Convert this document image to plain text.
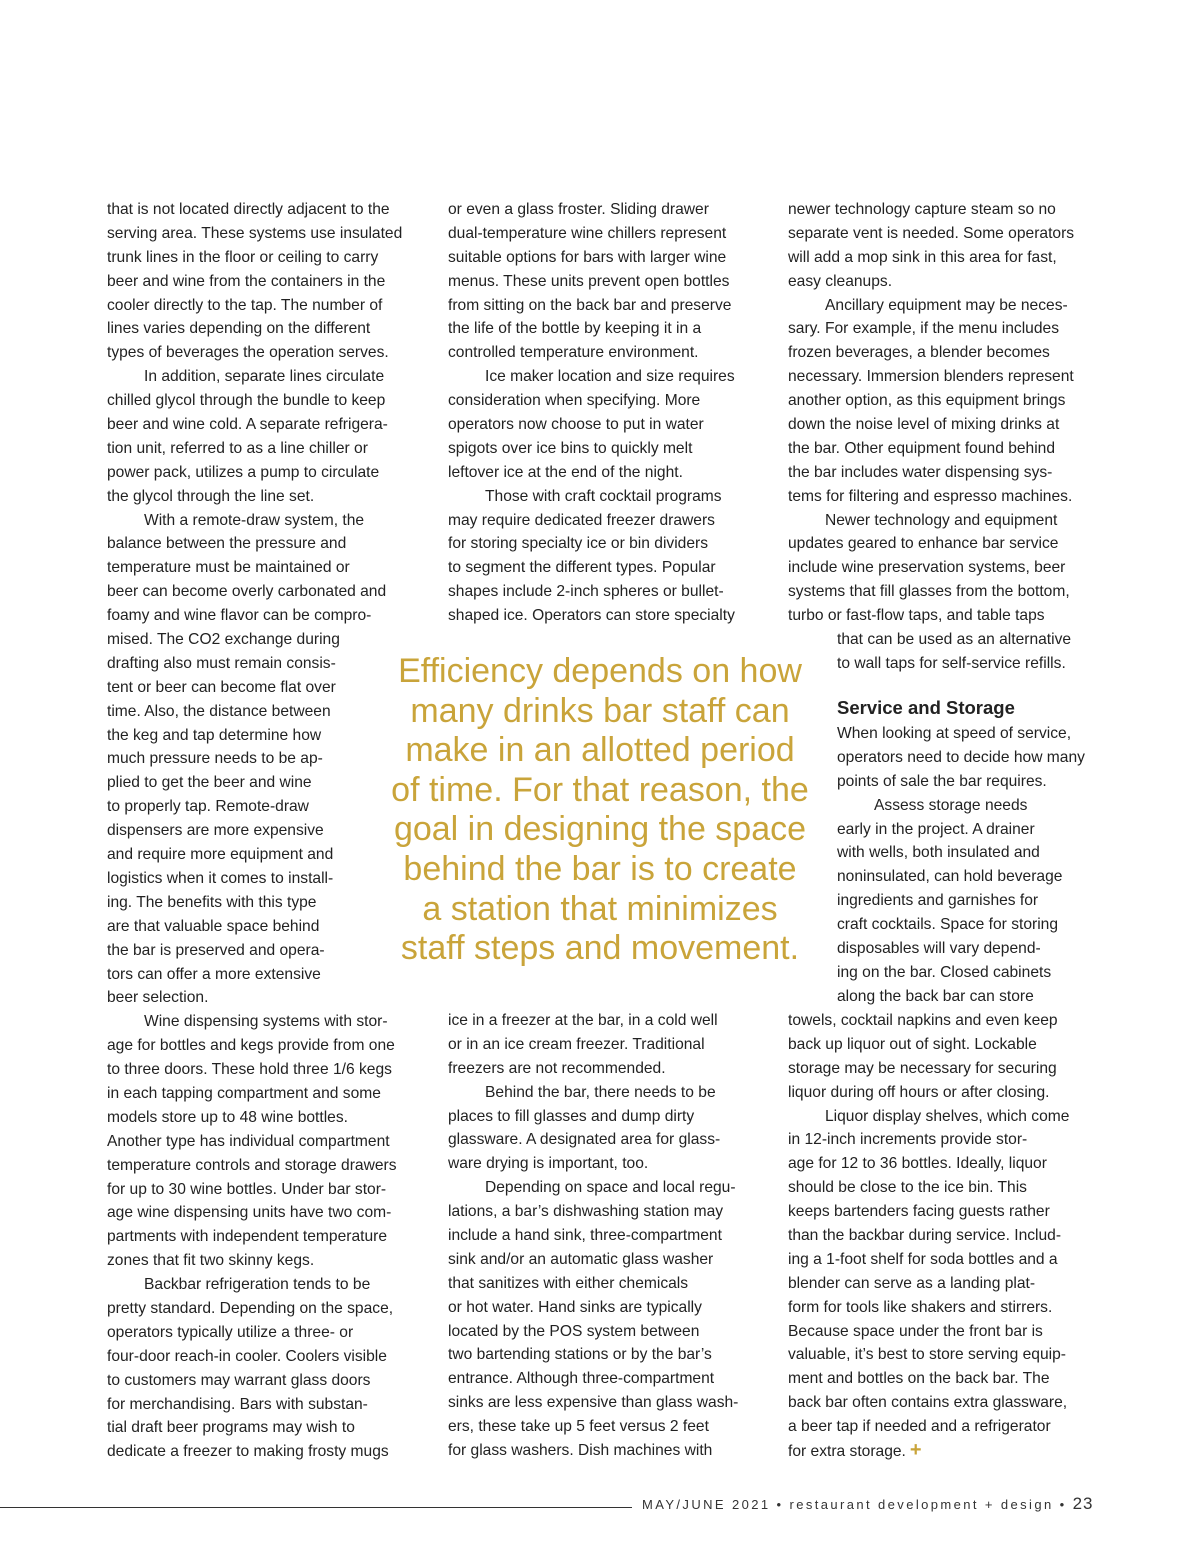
that is not located directly adjacent to the
serving area. These systems use insulated
trunk lines in the floor or ceiling to carry
beer and wine from the containers in the
cooler directly to the tap. The number of
lines varies depending on the different
types of beverages the operation serves.

In addition, separate lines circulate
chilled glycol through the bundle to keep
beer and wine cold. A separate refrigera-
tion unit, referred to as a line chiller or
power pack, utilizes a pump to circulate
the glycol through the line set.

With a remote-draw system, the
balance between the pressure and
temperature must be maintained or
beer can become overly carbonated and
foamy and wine flavor can be compro-
mised. The CO2 exchange during
drafting also must remain consis-
tent or beer can become flat over
time. Also, the distance between
the keg and tap determine how
much pressure needs to be ap-
plied to get the beer and wine
to properly tap. Remote-draw
dispensers are more expensive
and require more equipment and
logistics when it comes to install-
ing. The benefits with this type
are that valuable space behind
the bar is preserved and opera-
tors can offer a more extensive
beer selection.

Wine dispensing systems with stor-
age for bottles and kegs provide from one
to three doors. These hold three 1/6 kegs
in each tapping compartment and some
models store up to 48 wine bottles.
Another type has individual compartment
temperature controls and storage drawers
for up to 30 wine bottles. Under bar stor-
age wine dispensing units have two com-
partments with independent temperature
zones that fit two skinny kegs.

Backbar refrigeration tends to be
pretty standard. Depending on the space,
operators typically utilize a three- or
four-door reach-in cooler. Coolers visible
to customers may warrant glass doors
for merchandising. Bars with substan-
tial draft beer programs may wish to
dedicate a freezer to making frosty mugs

or even a glass froster. Sliding drawer
dual-temperature wine chillers represent
suitable options for bars with larger wine
menus. These units prevent open bottles
from sitting on the back bar and preserve
the life of the bottle by keeping it in a
controlled temperature environment.

Ice maker location and size requires
consideration when specifying. More
operators now choose to put in water
spigots over ice bins to quickly melt
leftover ice at the end of the night.

Those with craft cocktail programs
may require dedicated freezer drawers
for storing specialty ice or bin dividers
to segment the different types. Popular
shapes include 2-inch spheres or bullet-
shaped ice. Operators can store specialty

Efficiency depends on how
many drinks bar staff can
make in an allotted period
of time. For that reason, the
goal in designing the space
behind the bar is to create
a station that minimizes
staff steps and movement.

ice in a freezer at the bar, in a cold well
or in an ice cream freezer. Traditional
freezers are not recommended.

Behind the bar, there needs to be
places to fill glasses and dump dirty
glassware. A designated area for glass-
ware drying is important, too.

Depending on space and local regu-
lations, a bar’s dishwashing station may
include a hand sink, three-compartment
sink and/or an automatic glass washer
that sanitizes with either chemicals
or hot water. Hand sinks are typically
located by the POS system between
two bartending stations or by the bar’s
entrance. Although three-compartment
sinks are less expensive than glass wash-
ers, these take up 5 feet versus 2 feet
for glass washers. Dish machines with

newer technology capture steam so no
separate vent is needed. Some operators
will add a mop sink in this area for fast,
easy cleanups.

Ancillary equipment may be neces-
sary. For example, if the menu includes
frozen beverages, a blender becomes
necessary. Immersion blenders represent
another option, as this equipment brings
down the noise level of mixing drinks at
the bar. Other equipment found behind
the bar includes water dispensing sys-
tems for filtering and espresso machines.

Newer technology and equipment
updates geared to enhance bar service
include wine preservation systems, beer
systems that fill glasses from the bottom,
turbo or fast-flow taps, and table taps

that can be used as an alternative
to wall taps for self-service refills.
Service and Storage

When looking at speed of service,
operators need to decide how many
points of sale the bar requires.

Assess storage needs
early in the project. A drainer
with wells, both insulated and
noninsulated, can hold beverage
ingredients and garnishes for
craft cocktails. Space for storing
disposables will vary depend-
ing on the bar. Closed cabinets
along the back bar can store

towels, cocktail napkins and even keep
back up liquor out of sight. Lockable
storage may be necessary for securing
liquor during off hours or after closing.

Liquor display shelves, which come
in 12-inch increments provide stor-
age for 12 to 36 bottles. Ideally, liquor
should be close to the ice bin. This
keeps bartenders facing guests rather
than the backbar during service. Includ-
ing a 1-foot shelf for soda bottles and a
blender can serve as a landing plat-
form for tools like shakers and stirrers.
Because space under the front bar is
valuable, it’s best to store serving equip-
ment and bottles on the back bar. The
back bar often contains extra glassware,
a beer tap if needed and a refrigerator
for extra storage. +

MAY/JUNE 2021 • restaurant development + design • 23
